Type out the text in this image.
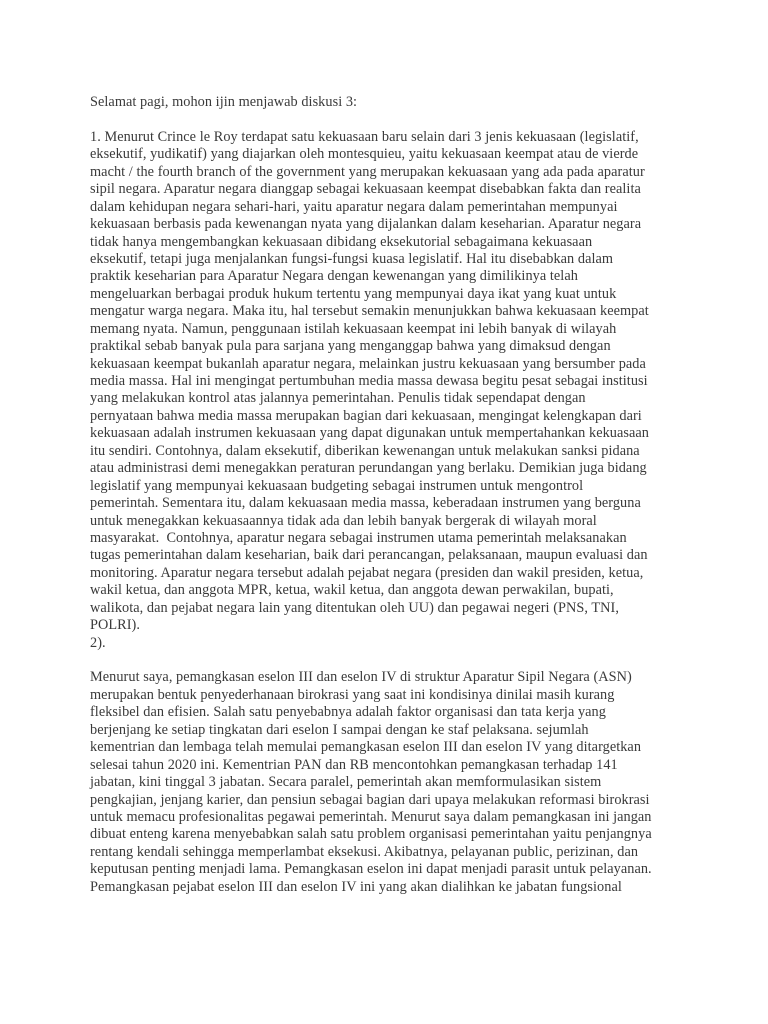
Selamat pagi, mohon ijin menjawab diskusi 3:
1. Menurut Crince le Roy terdapat satu kekuasaan baru selain dari 3 jenis kekuasaan (legislatif,
eksekutif, yudikatif) yang diajarkan oleh montesquieu, yaitu kekuasaan keempat atau de vierde
macht / the fourth branch of the government yang merupakan kekuasaan yang ada pada aparatur
sipil negara. Aparatur negara dianggap sebagai kekuasaan keempat disebabkan fakta dan realita
dalam kehidupan negara sehari-hari, yaitu aparatur negara dalam pemerintahan mempunyai
kekuasaan berbasis pada kewenangan nyata yang dijalankan dalam keseharian. Aparatur negara
tidak hanya mengembangkan kekuasaan dibidang eksekutorial sebagaimana kekuasaan
eksekutif, tetapi juga menjalankan fungsi-fungsi kuasa legislatif. Hal itu disebabkan dalam
praktik keseharian para Aparatur Negara dengan kewenangan yang dimilikinya telah
mengeluarkan berbagai produk hukum tertentu yang mempunyai daya ikat yang kuat untuk
mengatur warga negara. Maka itu, hal tersebut semakin menunjukkan bahwa kekuasaan keempat
memang nyata. Namun, penggunaan istilah kekuasaan keempat ini lebih banyak di wilayah
praktikal sebab banyak pula para sarjana yang menganggap bahwa yang dimaksud dengan
kekuasaan keempat bukanlah aparatur negara, melainkan justru kekuasaan yang bersumber pada
media massa. Hal ini mengingat pertumbuhan media massa dewasa begitu pesat sebagai institusi
yang melakukan kontrol atas jalannya pemerintahan. Penulis tidak sependapat dengan
pernyataan bahwa media massa merupakan bagian dari kekuasaan, mengingat kelengkapan dari
kekuasaan adalah instrumen kekuasaan yang dapat digunakan untuk mempertahankan kekuasaan
itu sendiri. Contohnya, dalam eksekutif, diberikan kewenangan untuk melakukan sanksi pidana
atau administrasi demi menegakkan peraturan perundangan yang berlaku. Demikian juga bidang
legislatif yang mempunyai kekuasaan budgeting sebagai instrumen untuk mengontrol
pemerintah. Sementara itu, dalam kekuasaan media massa, keberadaan instrumen yang berguna
untuk menegakkan kekuasaannya tidak ada dan lebih banyak bergerak di wilayah moral
masyarakat.  Contohnya, aparatur negara sebagai instrumen utama pemerintah melaksanakan
tugas pemerintahan dalam keseharian, baik dari perancangan, pelaksanaan, maupun evaluasi dan
monitoring. Aparatur negara tersebut adalah pejabat negara (presiden dan wakil presiden, ketua,
wakil ketua, dan anggota MPR, ketua, wakil ketua, dan anggota dewan perwakilan, bupati,
walikota, dan pejabat negara lain yang ditentukan oleh UU) dan pegawai negeri (PNS, TNI,
POLRI).
2).
Menurut saya, pemangkasan eselon III dan eselon IV di struktur Aparatur Sipil Negara (ASN)
merupakan bentuk penyederhanaan birokrasi yang saat ini kondisinya dinilai masih kurang
fleksibel dan efisien. Salah satu penyebabnya adalah faktor organisasi dan tata kerja yang
berjenjang ke setiap tingkatan dari eselon I sampai dengan ke staf pelaksana. sejumlah
kementrian dan lembaga telah memulai pemangkasan eselon III dan eselon IV yang ditargetkan
selesai tahun 2020 ini. Kementrian PAN dan RB mencontohkan pemangkasan terhadap 141
jabatan, kini tinggal 3 jabatan. Secara paralel, pemerintah akan memformulasikan sistem
pengkajian, jenjang karier, dan pensiun sebagai bagian dari upaya melakukan reformasi birokrasi
untuk memacu profesionalitas pegawai pemerintah. Menurut saya dalam pemangkasan ini jangan
dibuat enteng karena menyebabkan salah satu problem organisasi pemerintahan yaitu penjangnya
rentang kendali sehingga memperlambat eksekusi. Akibatnya, pelayanan public, perizinan, dan
keputusan penting menjadi lama. Pemangkasan eselon ini dapat menjadi parasit untuk pelayanan.
Pemangkasan pejabat eselon III dan eselon IV ini yang akan dialihkan ke jabatan fungsional
